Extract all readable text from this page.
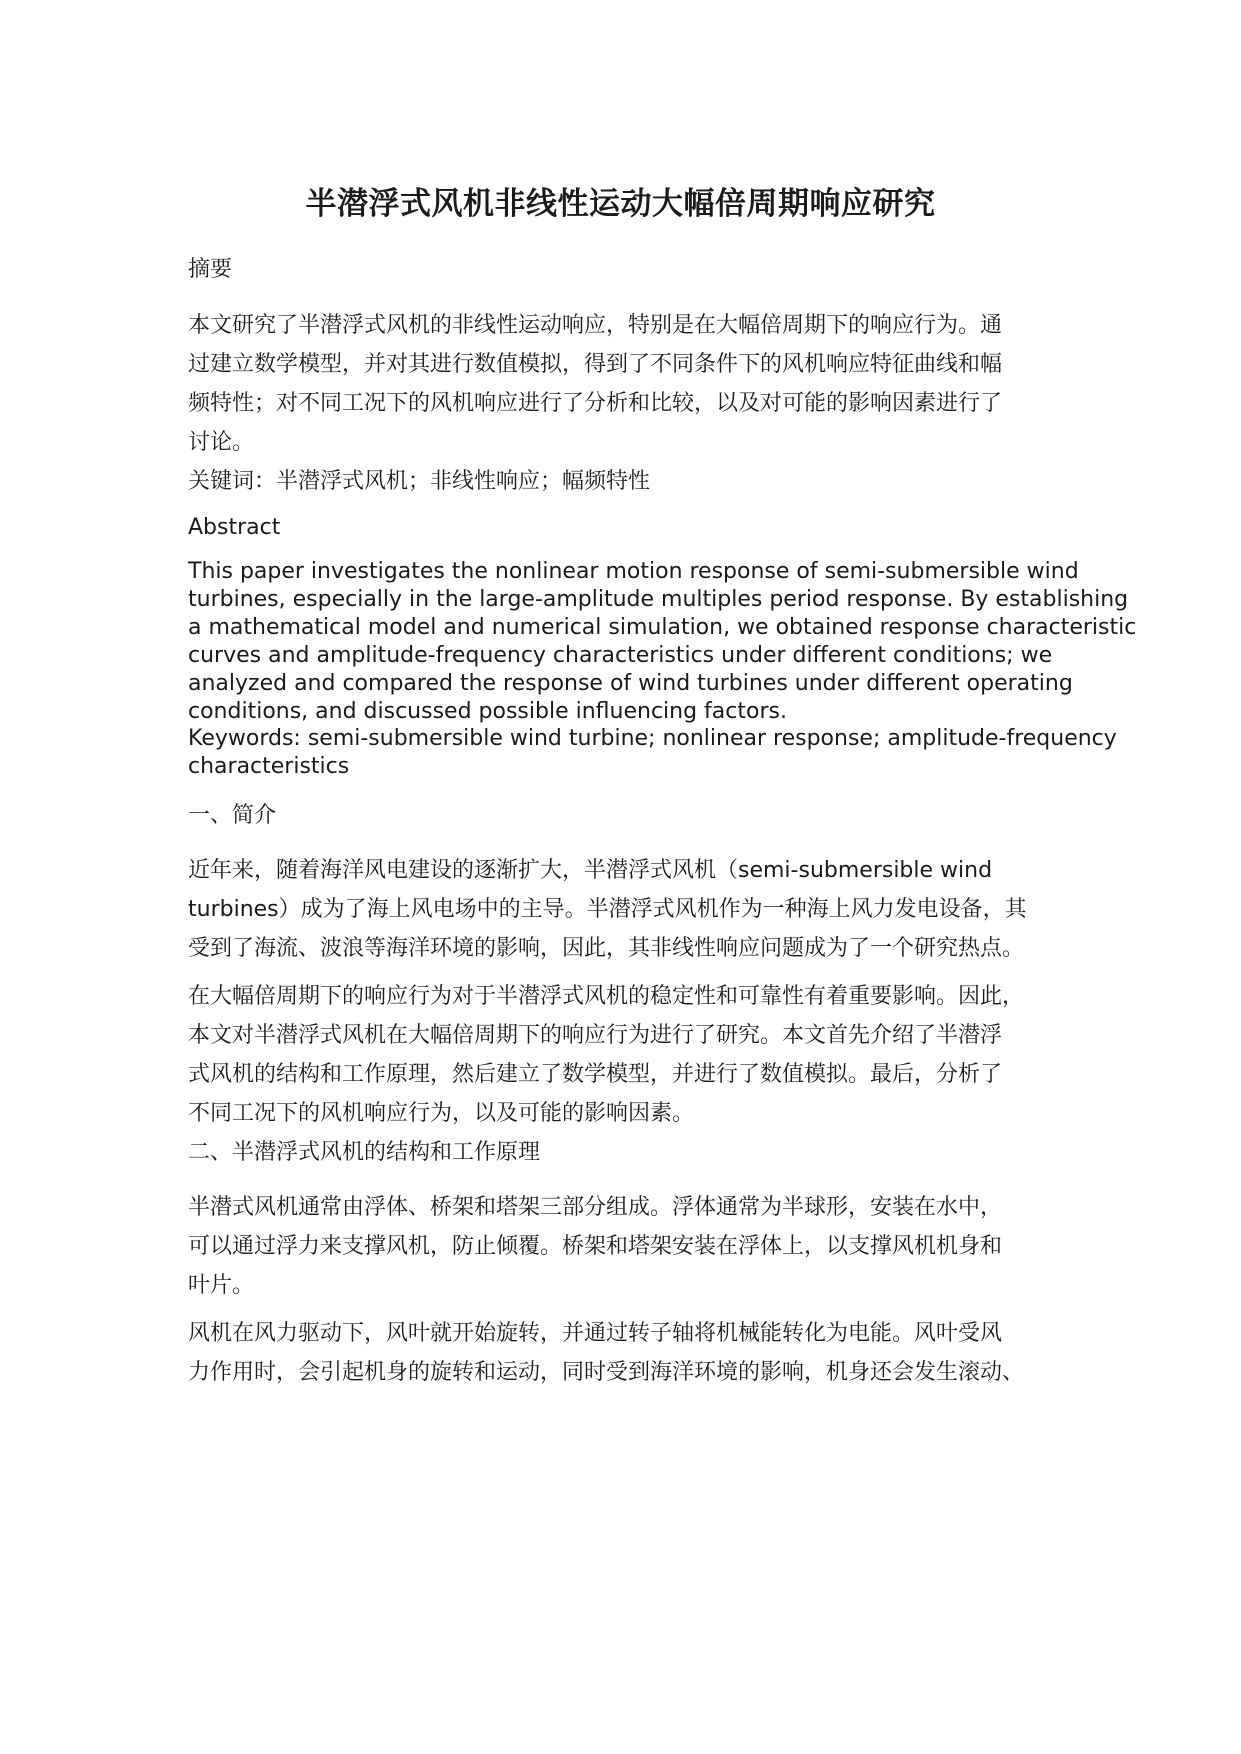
半潜浮式风机非线性运动大幅倍周期响应研究
摘要
本文研究了半潜浮式风机的非线性运动响应，特别是在大幅倍周期下的响应行为。通
过建立数学模型，并对其进行数值模拟，得到了不同条件下的风机响应特征曲线和幅
频特性；对不同工况下的风机响应进行了分析和比较，以及对可能的影响因素进行了
讨论。
关键词：半潜浮式风机；非线性响应；幅频特性
Abstract
This paper investigates the nonlinear motion response of semi-submersible wind
turbines, especially in the large-amplitude multiples period response. By establishing
a mathematical model and numerical simulation, we obtained response characteristic
curves and amplitude-frequency characteristics under different conditions; we
analyzed and compared the response of wind turbines under different operating
conditions, and discussed possible influencing factors.
Keywords: semi-submersible wind turbine; nonlinear response; amplitude-frequency
characteristics
一、简介
近年来，随着海洋风电建设的逐渐扩大，半潜浮式风机（semi-submersible wind
turbines）成为了海上风电场中的主导。半潜浮式风机作为一种海上风力发电设备，其
受到了海流、波浪等海洋环境的影响，因此，其非线性响应问题成为了一个研究热点。
在大幅倍周期下的响应行为对于半潜浮式风机的稳定性和可靠性有着重要影响。因此，
本文对半潜浮式风机在大幅倍周期下的响应行为进行了研究。本文首先介绍了半潜浮
式风机的结构和工作原理，然后建立了数学模型，并进行了数值模拟。最后，分析了
不同工况下的风机响应行为，以及可能的影响因素。
二、半潜浮式风机的结构和工作原理
半潜式风机通常由浮体、桥架和塔架三部分组成。浮体通常为半球形，安装在水中，
可以通过浮力来支撑风机，防止倾覆。桥架和塔架安装在浮体上，以支撑风机机身和
叶片。
风机在风力驱动下，风叶就开始旋转，并通过转子轴将机械能转化为电能。风叶受风
力作用时，会引起机身的旋转和运动，同时受到海洋环境的影响，机身还会发生滚动、
